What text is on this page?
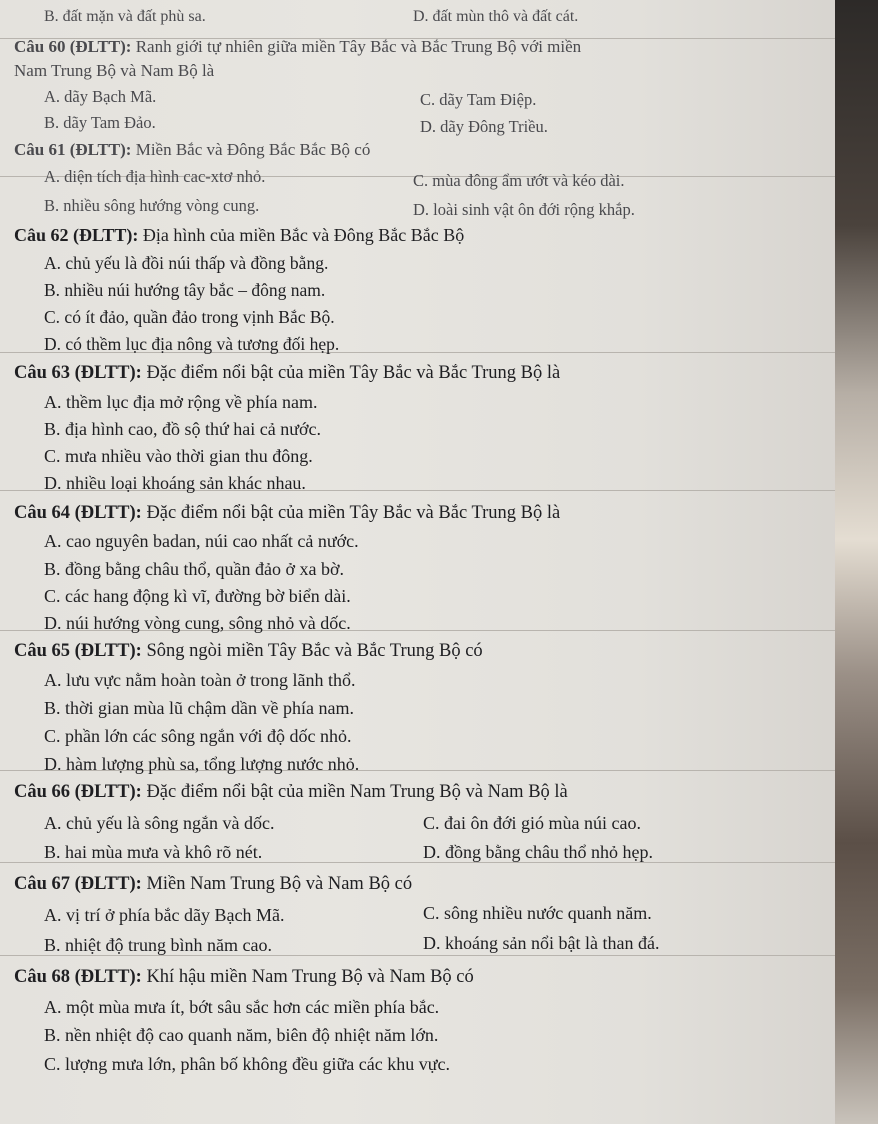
B. đất mặn và đất phù sa.	D. đất mùn thô và đất cát.
Câu 60 (ĐLTT): Ranh giới tự nhiên giữa miền Tây Bắc và Bắc Trung Bộ với miền
Nam Trung Bộ và Nam Bộ là
A. dãy Bạch Mã.	C. dãy Tam Điệp.
B. dãy Tam Đảo.	D. dãy Đông Triều.
Câu 61 (ĐLTT): Miền Bắc và Đông Bắc Bắc Bộ có
A. diện tích địa hình cac-xtơ nhỏ.	C. mùa đông ẩm ướt và kéo dài.
B. nhiều sông hướng vòng cung.	D. loài sinh vật ôn đới rộng khắp.
Câu 62 (ĐLTT): Địa hình của miền Bắc và Đông Bắc Bắc Bộ
A. chủ yếu là đồi núi thấp và đồng bằng.
B. nhiều núi hướng tây bắc – đông nam.
C. có ít đảo, quần đảo trong vịnh Bắc Bộ.
D. có thềm lục địa nông và tương đối hẹp.
Câu 63 (ĐLTT): Đặc điểm nổi bật của miền Tây Bắc và Bắc Trung Bộ là
A. thềm lục địa mở rộng về phía nam.
B. địa hình cao, đồ sộ thứ hai cả nước.
C. mưa nhiều vào thời gian thu đông.
D. nhiều loại khoáng sản khác nhau.
Câu 64 (ĐLTT): Đặc điểm nổi bật của miền Tây Bắc và Bắc Trung Bộ là
A. cao nguyên badan, núi cao nhất cả nước.
B. đồng bằng châu thổ, quần đảo ở xa bờ.
C. các hang động kì vĩ, đường bờ biển dài.
D. núi hướng vòng cung, sông nhỏ và dốc.
Câu 65 (ĐLTT): Sông ngòi miền Tây Bắc và Bắc Trung Bộ có
A. lưu vực nằm hoàn toàn ở trong lãnh thổ.
B. thời gian mùa lũ chậm dần về phía nam.
C. phần lớn các sông ngắn với độ dốc nhỏ.
D. hàm lượng phù sa, tổng lượng nước nhỏ.
Câu 66 (ĐLTT): Đặc điểm nổi bật của miền Nam Trung Bộ và Nam Bộ là
A. chủ yếu là sông ngắn và dốc.	C. đai ôn đới gió mùa núi cao.
B. hai mùa mưa và khô rõ nét.	D. đồng bằng châu thổ nhỏ hẹp.
Câu 67 (ĐLTT): Miền Nam Trung Bộ và Nam Bộ có
A. vị trí ở phía bắc dãy Bạch Mã.	C. sông nhiều nước quanh năm.
B. nhiệt độ trung bình năm cao.	D. khoáng sản nổi bật là than đá.
Câu 68 (ĐLTT): Khí hậu miền Nam Trung Bộ và Nam Bộ có
A. một mùa mưa ít, bớt sâu sắc hơn các miền phía bắc.
B. nền nhiệt độ cao quanh năm, biên độ nhiệt năm lớn.
C. lượng mưa lớn, phân bố không đều giữa các khu vực.
